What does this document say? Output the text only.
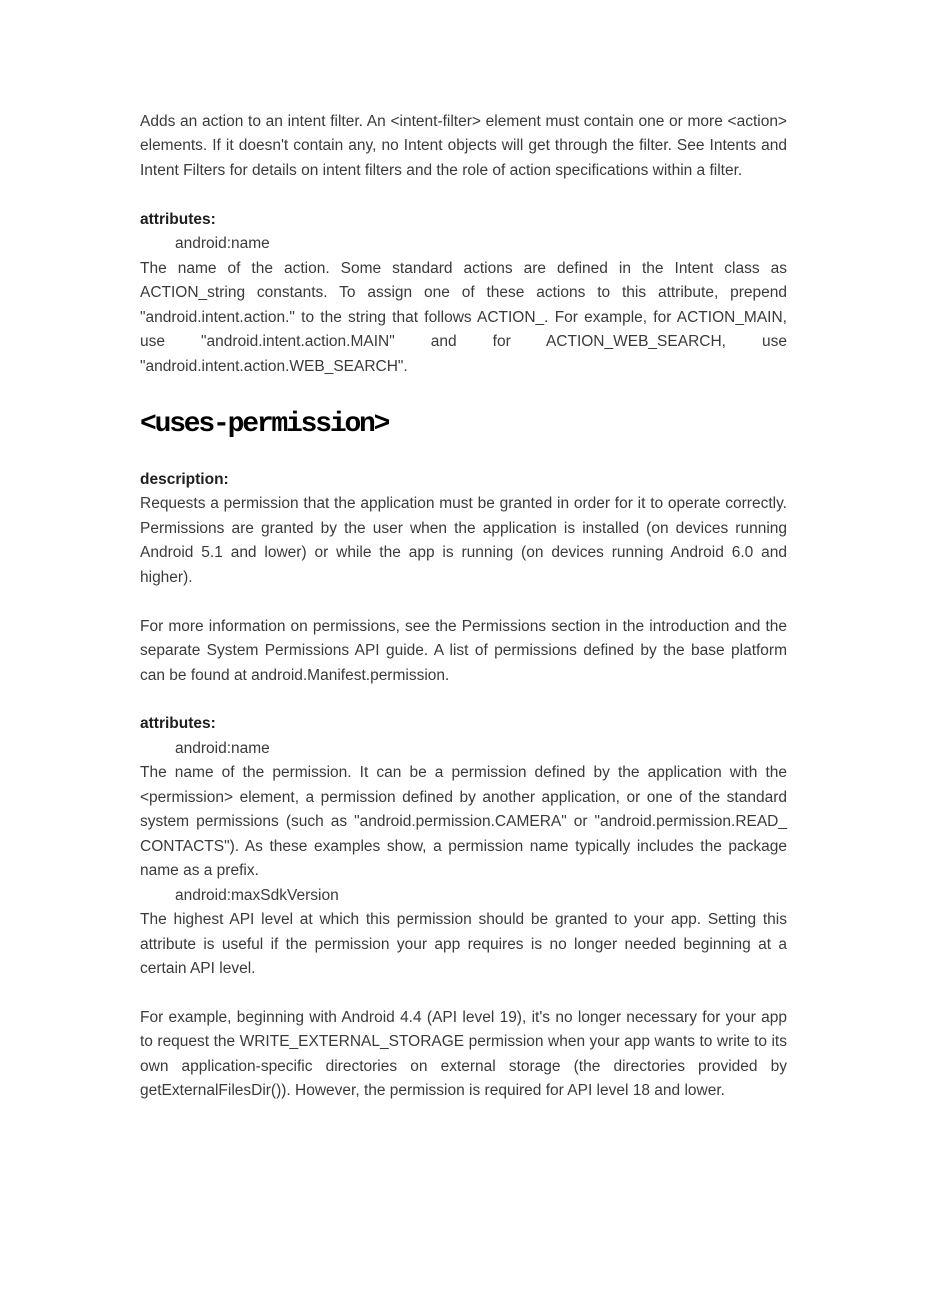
Adds an action to an intent filter. An <intent-filter> element must contain one or more <action> elements. If it doesn't contain any, no Intent objects will get through the filter. See Intents and Intent Filters for details on intent filters and the role of action specifications within a filter.

attributes:
android:name

The name of the action. Some standard actions are defined in the Intent class as ACTION_string constants. To assign one of these actions to this attribute, prepend "android.intent.action." to the string that follows ACTION_. For example, for ACTION_MAIN, use "android.intent.action.MAIN" and for ACTION_WEB_SEARCH, use "android.intent.action.WEB_SEARCH".

<uses-permission>
description:

Requests a permission that the application must be granted in order for it to operate correctly. Permissions are granted by the user when the application is installed (on devices running Android 5.1 and lower) or while the app is running (on devices running Android 6.0 and higher).

For more information on permissions, see the Permissions section in the introduction and the separate System Permissions API guide. A list of permissions defined by the base platform can be found at android.Manifest.permission.

attributes:
android:name

The name of the permission. It can be a permission defined by the application with the <permission> element, a permission defined by another application, or one of the standard system permissions (such as "android.permission.CAMERA" or "android.permission.READ_​CONTACTS"). As these examples show, a permission name typically includes the package name as a prefix.

android:maxSdkVersion

The highest API level at which this permission should be granted to your app. Setting this attribute is useful if the permission your app requires is no longer needed beginning at a certain API level.

For example, beginning with Android 4.4 (API level 19), it's no longer necessary for your app to request the WRITE_EXTERNAL_STORAGE permission when your app wants to write to its own application-specific directories on external storage (the directories provided by getExternalFilesDir()). However, the permission is required for API level 18 and lower.
